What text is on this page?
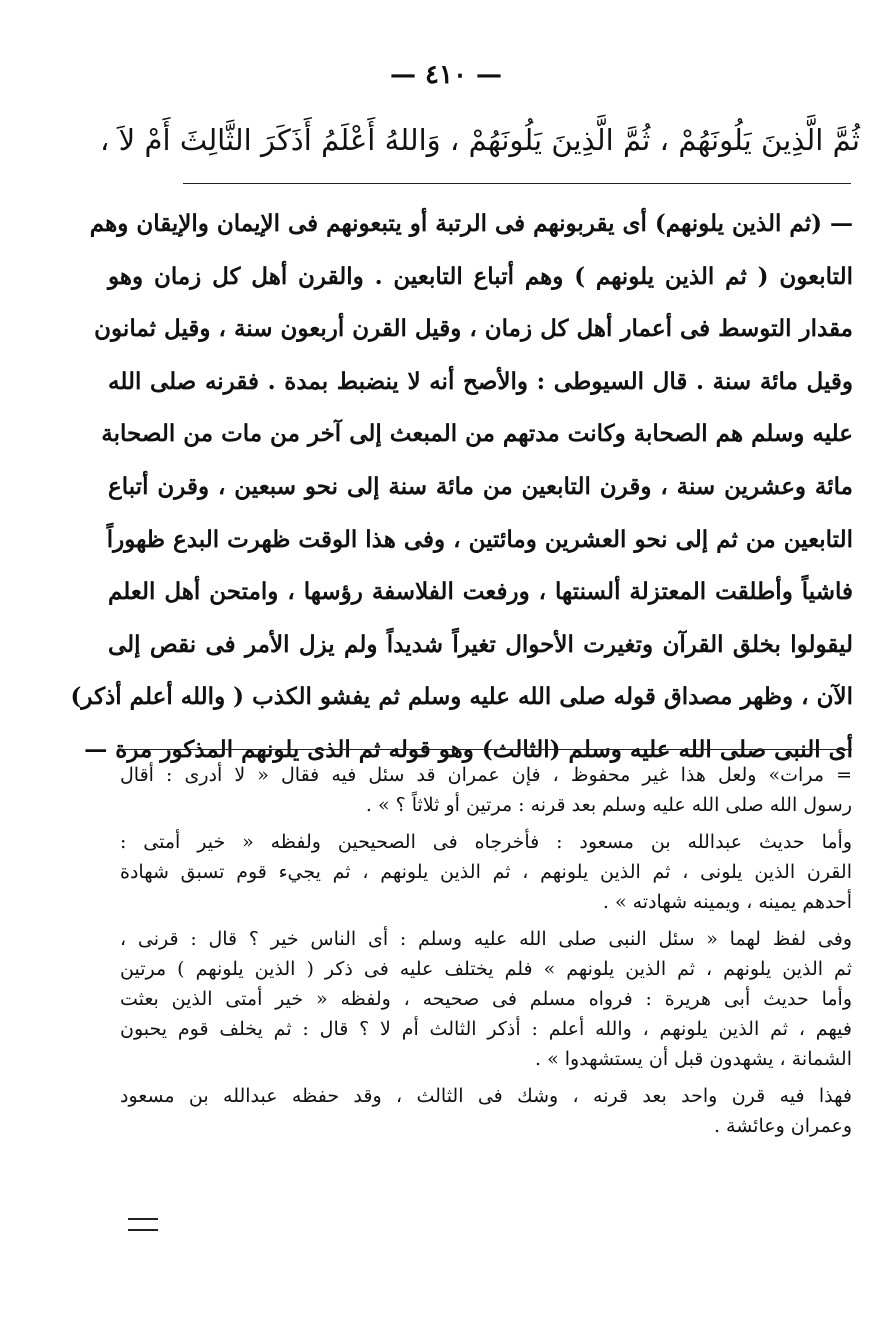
— ٤١٠ —
ثُمَّ الَّذِينَ يَلُونَهُمْ ، ثُمَّ الَّذِينَ يَلُونَهُمْ ، وَاللهُ أَعْلَمُ أَذَكَرَ الثَّالِثَ أَمْ لاَ ،
— (ثم الذين يلونهم) أى يقربونهم فى الرتبة أو يتبعونهم فى الإيمان والإيقان وهم
التابعون ( ثم الذين يلونهم ) وهم أتباع التابعين . والقرن أهل كل زمان وهو
مقدار التوسط فى أعمار أهل كل زمان ، وقيل القرن أربعون سنة ، وقيل ثمانون
وقيل مائة سنة . قال السيوطى : والأصح أنه لا ينضبط بمدة . فقرنه صلى الله
عليه وسلم هم الصحابة وكانت مدتهم من المبعث إلى آخر من مات من الصحابة
مائة وعشرين سنة ، وقرن التابعين من مائة سنة إلى نحو سبعين ، وقرن أتباع
التابعين من ثم إلى نحو العشرين ومائتين ، وفى هذا الوقت ظهرت البدع ظهوراً
فاشياً وأطلقت المعتزلة ألسنتها ، ورفعت الفلاسفة رؤسها ، وامتحن أهل العلم
ليقولوا بخلق القرآن وتغيرت الأحوال تغيراً شديداً ولم يزل الأمر فى نقص إلى
الآن ، وظهر مصداق قوله صلى الله عليه وسلم ثم يفشو الكذب ( والله أعلم أذكر)
أى النبى صلى الله عليه وسلم (الثالث) وهو قوله ثم الذى يلونهم المذكور مرة —
= مرات» ولعل هذا غير محفوظ ، فإن عمران قد سئل فيه فقال « لا أدرى : أقال
رسول الله صلى الله عليه وسلم بعد قرنه : مرتين أو ثلاثاً ؟ » .
وأما حديث عبدالله بن مسعود : فأخرجاه فى الصحيحين ولفظه « خير أمتى :
القرن الذين يلونى ، ثم الذين يلونهم ، ثم الذين يلونهم ، ثم يجيء قوم تسبق شهادة
أحدهم يمينه ، ويمينه شهادته » .
وفى لفظ لهما « سئل النبى صلى الله عليه وسلم : أى الناس خير ؟ قال : قرنى ،
ثم الذين يلونهم ، ثم الذين يلونهم » فلم يختلف عليه فى ذكر ( الذين يلونهم ) مرتين
وأما حديث أبى هريرة : فرواه مسلم فى صحيحه ، ولفظه « خير أمتى الذين بعثت
فيهم ، ثم الذين يلونهم ، والله أعلم : أذكر الثالث أم لا ؟ قال : ثم يخلف قوم يحبون
الشمانة ، يشهدون قبل أن يستشهدوا » .
فهذا فيه قرن واحد بعد قرنه ، وشك فى الثالث ، وقد حفظه عبدالله بن مسعود
وعمران وعائشة .
